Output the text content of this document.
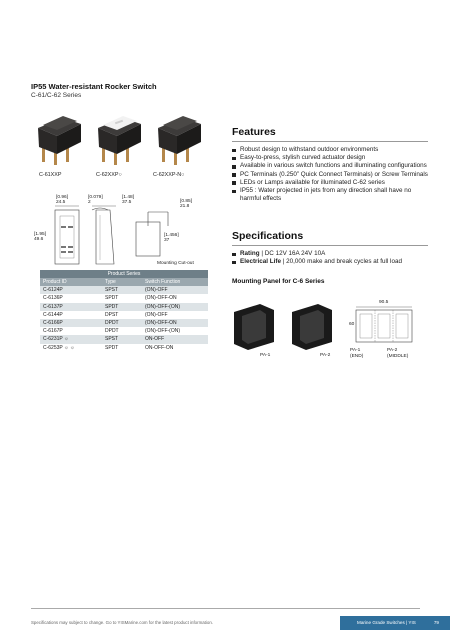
IP55 Water-resistant Rocker Switch
C-61/C-62 Series
C-61XXP	C-62XXP○	C-62XXP-N○
[0.96]
24.5
[0.079]
2
[1.48]
37.5	[0.85]
21.8
[1.95]
49.6
[1.456]
37
Mounting Cut-out
Product Series		
Product ID	Type	Switch Function
C-6124P	SPST	(ON)-OFF
C-6136P	SPDT	(ON)-OFF-ON
C-6137P	SPDT	(ON)-OFF-(ON)
C-6144P	DPST	(ON)-OFF
C-6166P	DPDT	(ON)-OFF-ON
C-6167P	DPDT	(ON)-OFF-(ON)
C-6231P ☼	SPST	ON-OFF
C-6253P ☼ ☼	SPDT	ON-OFF-ON
Features
Robust design to withstand outdoor environments
Easy-to-press, stylish curved actuator design
Available in various switch functions and illuminating configurations
PC Terminals (0.250” Quick Connect Terminals) or Screw Terminals
LEDs or Lamps available for illuminated C-62 series
IP55 : Water projected in jets from any direction shall have no harmful effects
Specifications
Rating | DC 12V 16A 24V 10A
Electrical Life | 20,000 make and break cycles at full load
Mounting Panel for C-6 Series
PA-1	PA-2
90.5
60
PA-1
(END)
PA-2
(MIDDLE)
Specifications may subject to change. Go to YISMarine.com for the latest product information.	Marine Grade Switches | YIS	79
